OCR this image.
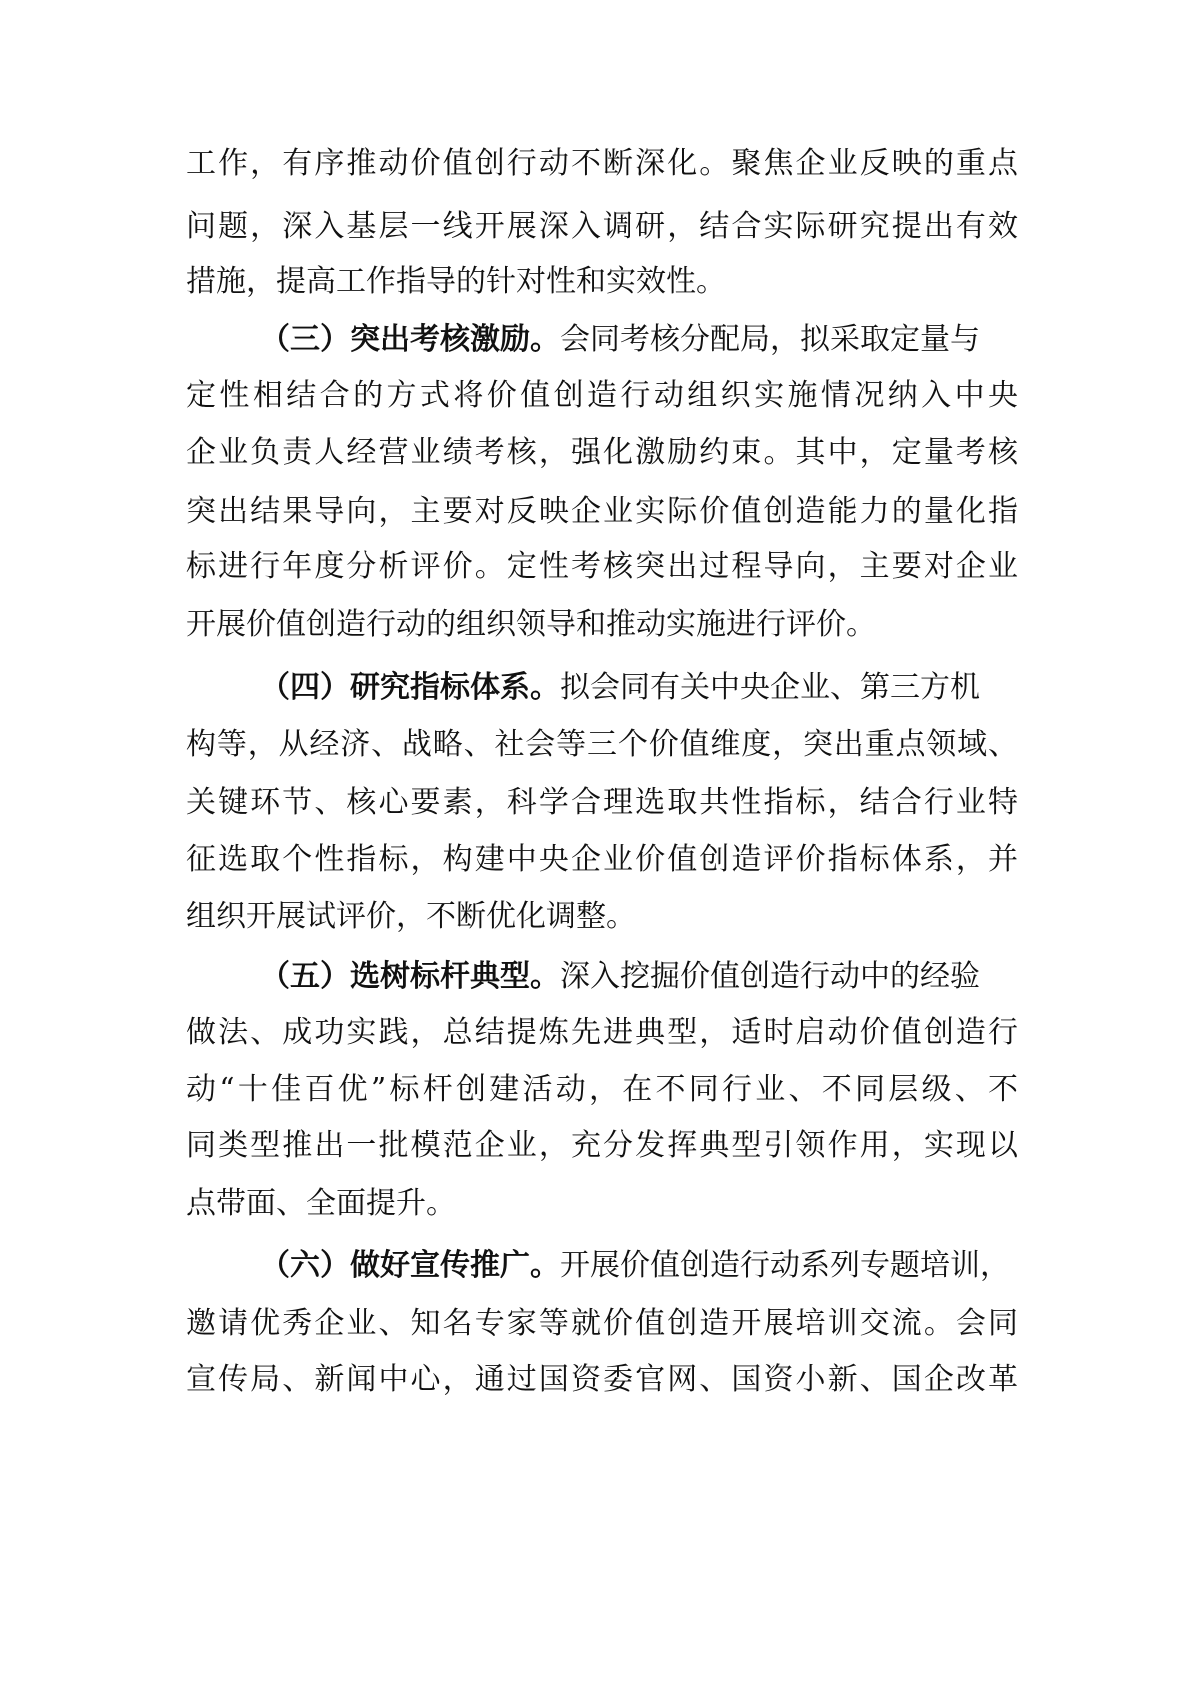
工作，有序推动价值创行动不断深化。聚焦企业反映的重点
问题，深入基层一线开展深入调研，结合实际研究提出有效
措施，提高工作指导的针对性和实效性。
（三）突出考核激励。会同考核分配局，拟采取定量与
定性相结合的方式将价值创造行动组织实施情况纳入中央
企业负责人经营业绩考核，强化激励约束。其中，定量考核
突出结果导向，主要对反映企业实际价值创造能力的量化指
标进行年度分析评价。定性考核突出过程导向，主要对企业
开展价值创造行动的组织领导和推动实施进行评价。
（四）研究指标体系。拟会同有关中央企业、第三方机
构等，从经济、战略、社会等三个价值维度，突出重点领域、
关键环节、核心要素，科学合理选取共性指标，结合行业特
征选取个性指标，构建中央企业价值创造评价指标体系，并
组织开展试评价，不断优化调整。
（五）选树标杆典型。深入挖掘价值创造行动中的经验
做法、成功实践，总结提炼先进典型，适时启动价值创造行
动“十佳百优”标杆创建活动，在不同行业、不同层级、不
同类型推出一批模范企业，充分发挥典型引领作用，实现以
点带面、全面提升。
（六）做好宣传推广。开展价值创造行动系列专题培训，
邀请优秀企业、知名专家等就价值创造开展培训交流。会同
宣传局、新闻中心，通过国资委官网、国资小新、国企改革
